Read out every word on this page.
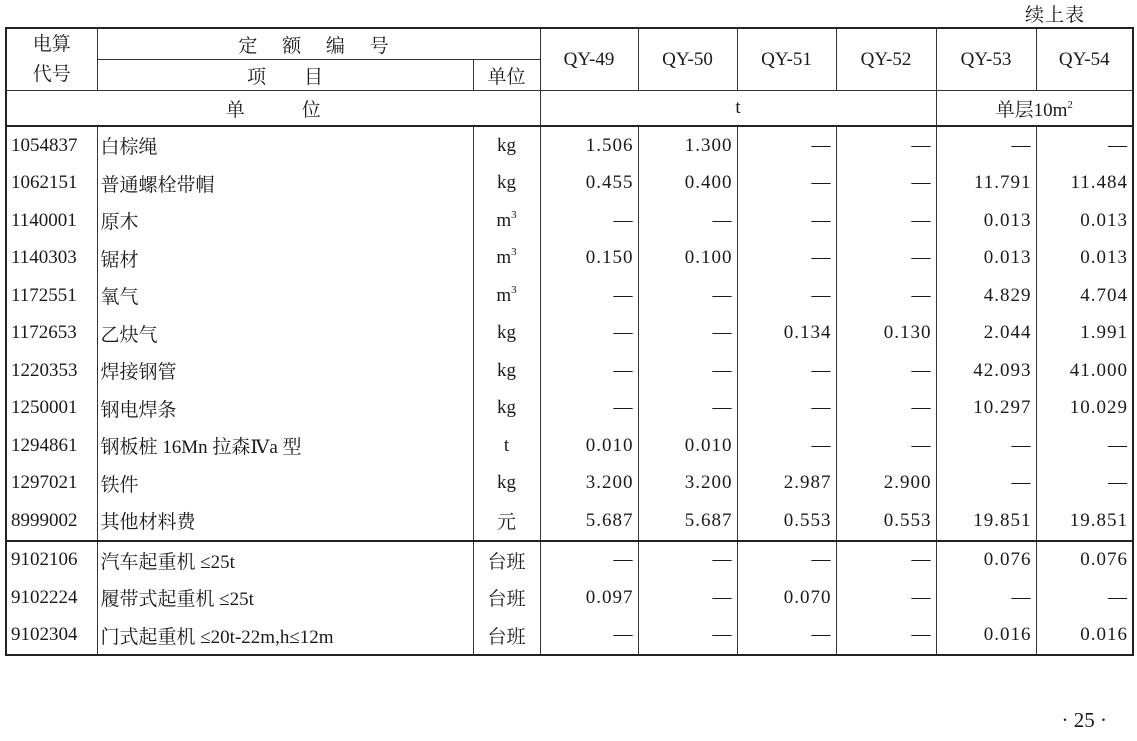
续上表
电算
代号	定 额 编 号		QY-49	QY-50	QY-51	QY-52	QY-53	QY-54
	项　　目	单位						
单　　　位			t				单层$10m^2$
1054837	白棕绳	kg	1.506	1.300	—	—	—	—
1062151	普通螺栓带帽	kg	0.455	0.400	—	—	11.791	11.484
1140001	原木	$m^3$	—	—	—	—	0.013	0.013
1140303	锯材	$m^3$	0.150	0.100	—	—	0.013	0.013
1172551	氧气	$m^3$	—	—	—	—	4.829	4.704
1172653	乙炔气	kg	—	—	0.134	0.130	2.044	1.991
1220353	焊接钢管	kg	—	—	—	—	42.093	41.000
1250001	钢电焊条	kg	—	—	—	—	10.297	10.029
1294861	钢板桩 16Mn 拉森Ⅳa 型	t	0.010	0.010	—	—	—	—
1297021	铁件	kg	3.200	3.200	2.987	2.900	—	—
8999002	其他材料费	元	5.687	5.687	0.553	0.553	19.851	19.851
9102106	汽车起重机 ≤25t	台班	—	—	—	—	0.076	0.076
9102224	履带式起重机 ≤25t	台班	0.097	—	0.070	—	—	—
9102304	门式起重机 ≤20t-22m,h≤12m	台班	—	—	—	—	0.016	0.016
· 25 ·
